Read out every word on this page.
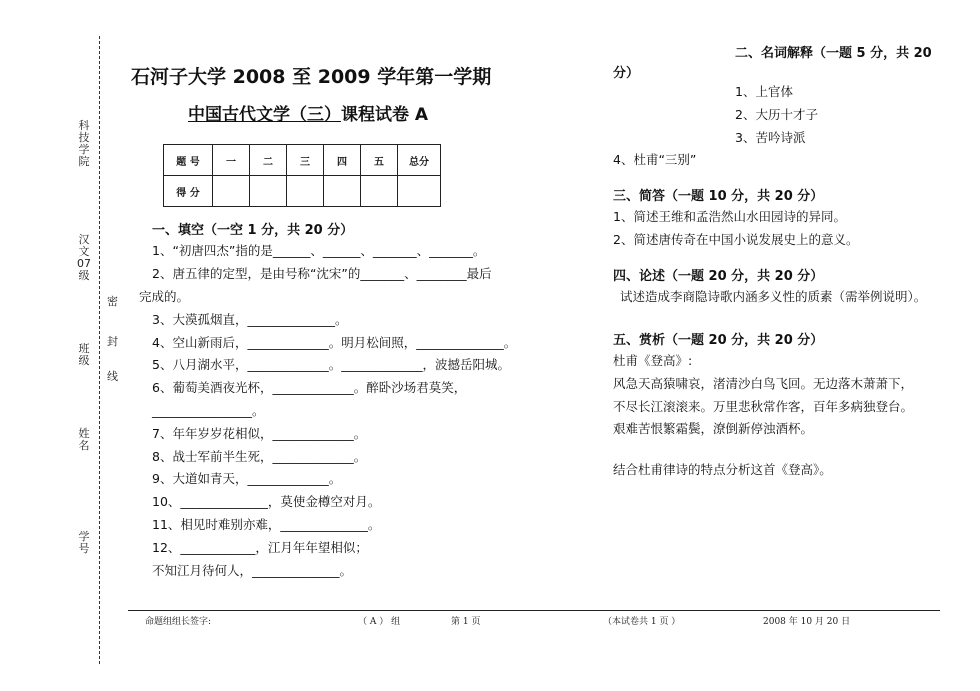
科技学院
汉文07级
班级
姓名
学号
密
封
线
石河子大学 2008 至 2009 学年第一学期
中国古代文学（三）课程试卷 A
题 号	一	二	三	四	五	总分
得 分						
一、填空（一空 1 分，共 20 分）
1、“初唐四杰”指的是______、______、_______、_______。
2、唐五律的定型，是由号称“沈宋”的_______、________最后
完成的。
3、大漠孤烟直，______________。
4、空山新雨后，_____________。明月松间照，______________。
5、八月湖水平，_____________。_____________，波撼岳阳城。
6、葡萄美酒夜光杯，_____________。醉卧沙场君莫笑，
________________。
7、年年岁岁花相似，_____________。
8、战士军前半生死，_____________。
9、大道如青天，_____________。
10、______________，莫使金樽空对月。
11、相见时难别亦难，______________。
12、____________，江月年年望相似；
不知江月待何人，______________。
二、名词解释（一题 5 分，共 20
分）
1、上官体
2、大历十才子
3、苦吟诗派
4、杜甫“三别”
三、简答（一题 10 分，共 20 分）
1、简述王维和孟浩然山水田园诗的异同。
2、简述唐传奇在中国小说发展史上的意义。
四、论述（一题 20 分，共 20 分）
试述造成李商隐诗歌内涵多义性的质素（需举例说明）。
五、赏析（一题 20 分，共 20 分）
杜甫《登高》:
风急天高猿啸哀，渚清沙白鸟飞回。无边落木萧萧下，
不尽长江滚滚来。万里悲秋常作客，百年多病独登台。
艰难苦恨繁霜鬓，潦倒新停浊酒杯。
结合杜甫律诗的特点分析这首《登高》。
命题组组长签字:	（ A ） 组	第 1 页	（本试卷共 1 页 ）	2008 年 10 月 20 日
